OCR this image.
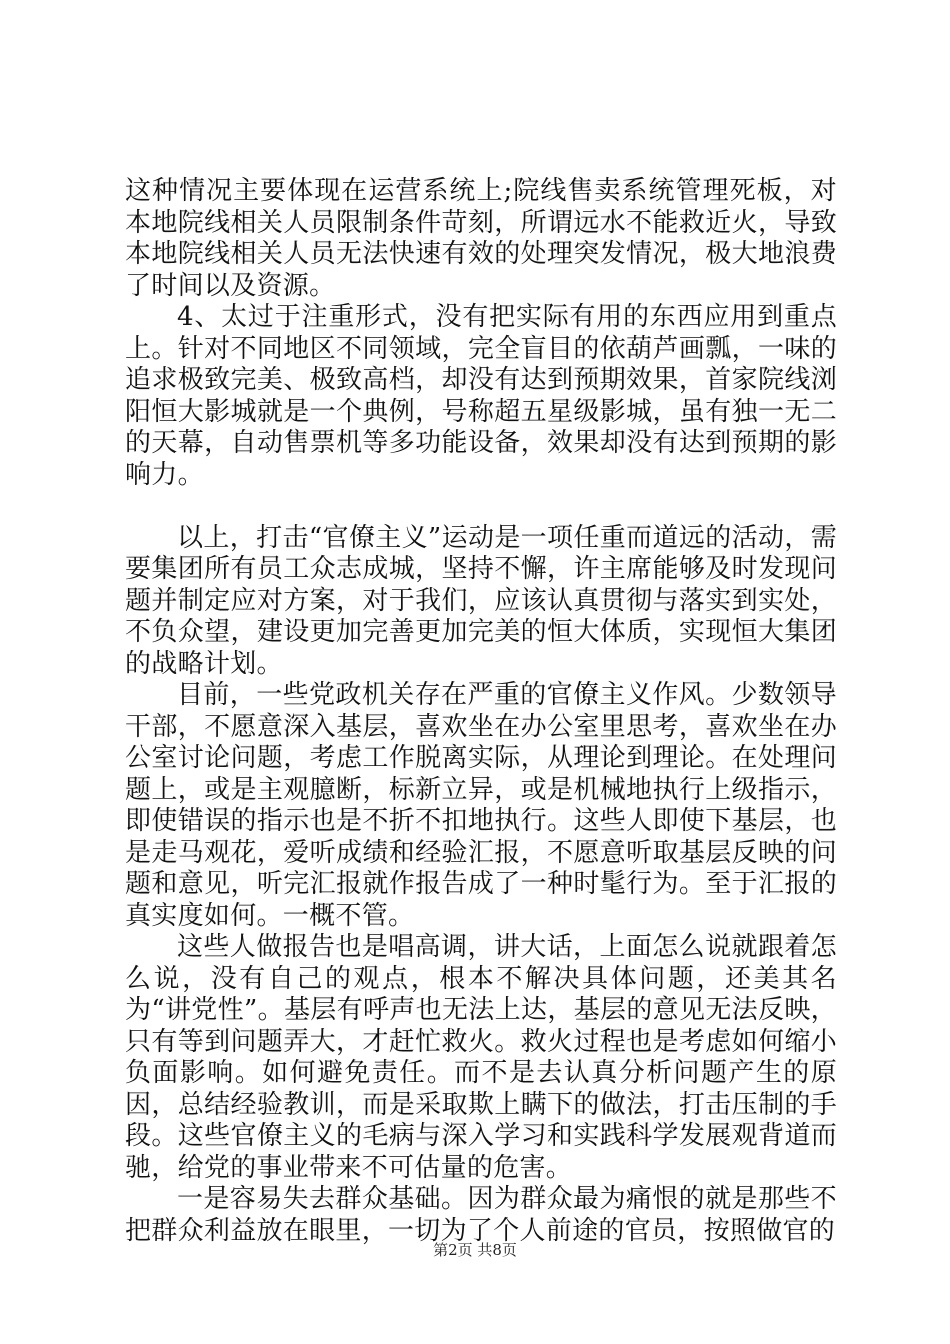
这种情况主要体现在运营系统上;院线售卖系统管理死板，对本地院线相关人员限制条件苛刻，所谓远水不能救近火，导致本地院线相关人员无法快速有效的处理突发情况，极大地浪费了时间以及资源。

4、太过于注重形式，没有把实际有用的东西应用到重点上。针对不同地区不同领域，完全盲目的依葫芦画瓢，一味的追求极致完美、极致高档，却没有达到预期效果，首家院线浏阳恒大影城就是一个典例，号称超五星级影城，虽有独一无二的天幕，自动售票机等多功能设备，效果却没有达到预期的影响力。

以上，打击“官僚主义”运动是一项任重而道远的活动，需要集团所有员工众志成城，坚持不懈，许主席能够及时发现问题并制定应对方案，对于我们，应该认真贯彻与落实到实处，不负众望，建设更加完善更加完美的恒大体质，实现恒大集团的战略计划。

目前，一些党政机关存在严重的官僚主义作风。少数领导干部，不愿意深入基层，喜欢坐在办公室里思考，喜欢坐在办公室讨论问题，考虑工作脱离实际，从理论到理论。在处理问题上，或是主观臆断，标新立异，或是机械地执行上级指示，即使错误的指示也是不折不扣地执行。这些人即使下基层，也是走马观花，爱听成绩和经验汇报，不愿意听取基层反映的问题和意见，听完汇报就作报告成了一种时髦行为。至于汇报的真实度如何。一概不管。

这些人做报告也是唱高调，讲大话，上面怎么说就跟着怎么说，没有自己的观点，根本不解决具体问题，还美其名为“讲党性”。基层有呼声也无法上达，基层的意见无法反映，只有等到问题弄大，才赶忙救火。救火过程也是考虑如何缩小负面影响。如何避免责任。而不是去认真分析问题产生的原因，总结经验教训，而是采取欺上瞒下的做法，打击压制的手段。这些官僚主义的毛病与深入学习和实践科学发展观背道而驰，给党的事业带来不可估量的危害。

一是容易失去群众基础。因为群众最为痛恨的就是那些不把群众利益放在眼里，一切为了个人前途的官员，按照做官的

第2页 共8页
